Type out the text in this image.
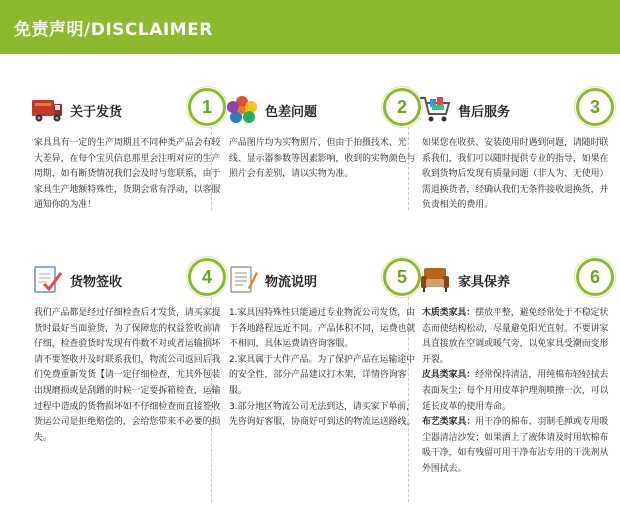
免责声明/DISCLAIMER
关于发货	1

家具具有一定的生产周期且不同种类产品会有较大差异，在每个宝贝信息那里会注明对应的生产周期，如有断货情况我们会及时与您联系，由于家具生产地额特殊性，货期会常有浮动，以客服通知你的为准！

色差问题	2

产品图片均为实物照片，但由于拍摄技术、光线、显示器参数等因素影响，收到的实物颜色与照片会有差别，请以实物为准。

售后服务	3

如果您在收获、安装使用时遇到问题，请随时联系我们，我们可以随时提供专业的指导，如果在收到货物后发现有质量问题（非人为、无使用）需退换货者，经确认我们无条件接收退换货，并负责相关的费用。

货物签收	4

我们产品都是经过仔细检查后才发货，请买家提货时最好当面验货，为了保障您的权益签收前请仔细，检查验货时发现有件数不对或者运输损坏请不要签收并及时联系我们，物流公司返回后我们免费重新发货【请一定仔细检查，尤其外包装出现磨损或是刮蹭的时候一定要拆箱检查，运输过程中造成的货物损坏如不仔细检查而直接签收货运公司是拒绝赔偿的，会给您带来不必要的损失。

物流说明	5

1.家具因特殊性只能通过专业物流公司发货，由于各地路程远近不同。产品体积不同，运费也就不相同，具体运费请咨询客服。

2.家具属于大件产品。为了保护产品在运输途中的安全性，部分产品建议打木架，详情咨询客服。

3.部分地区物流公司无法到达，请买家下单前，先咨询好客服，协商好可到达的物流运送路线。

家具保养	6

木质类家具：摆放平整，避免经常处于不稳定状态而使结构松动，尽量避免阳光直射。不要讲家具直接放在空调或暖气旁，以免家具受潮而变形开裂。

皮具类家具：经常保持清洁，用纯棉布轻轻拭去表面灰尘；每个月用皮革护理剂喷擦一次，可以延长皮革的使用寿命。

布艺类家具：用干净的棉布、羽制毛掸或专用吸尘器清洁沙发；如果洒上了液体请及时用软棉布吸干净，如有残留可用干净布沾专用的干洗剂从外围拭去。
